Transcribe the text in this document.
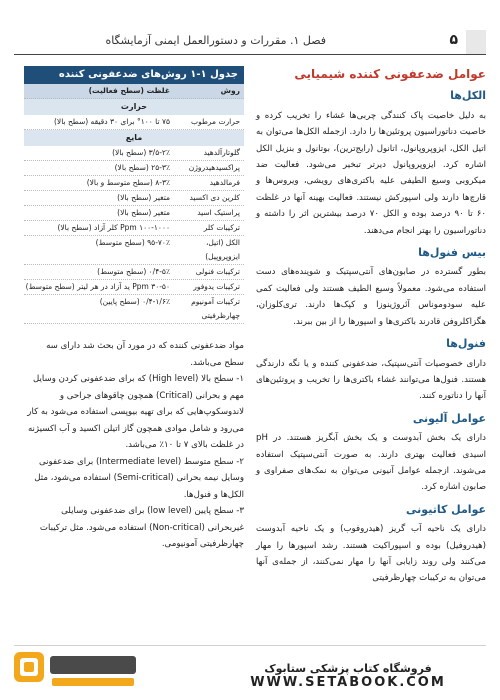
فصل ۱. مقررات و دستورالعمل ایمنی آزمایشگاه	۵
عوامل ضدعفونی کننده شیمیایی
الکل‌ها

به دلیل خاصیت پاک کنندگی چربی‌ها غشاء را تخریب کرده و خاصیت دناتوراسیون پروتئین‌ها را دارد. ازجمله الکل‌ها می‌توان به اتیل الکل، ایزوپروپانول، اتانول (رایج‌ترین)، بوتانول و بنزیل الکل اشاره کرد. ایزوپروپانول دیرتر تبخیر می‌شود. فعالیت ضد میکروبی وسیع الطیفی علیه باکتری‌های رویشی، ویروس‌ها و قارچ‌ها دارند ولی اسپورکش نیستند. فعالیت بهینه آنها در غلظت ۶۰ تا ۹۰ درصد بوده و الکل ۷۰ درصد بیشترین اثر را داشته و دناتوراسیون را بهتر انجام می‌دهند.

بیس فنول‌ها

بطور گسترده در صابون‌های آنتی‌سپتیک و شوینده‌های دست استفاده می‌شود. معمولاً وسیع الطیف هستند ولی فعالیت کمی علیه سودوموناس آئروژینوزا و کپک‌ها دارند. تری‌کلوزان، هگزاکلروفن قادرند باکتری‌ها و اسپورها را از بین ببرند.

فنول‌ها

دارای خصوصیات آنتی‌سپتیک، ضدعفونی کننده و یا نگه دارندگی هستند. فنول‌ها می‌توانند غشاء باکتری‌ها را تخریب و پروتئین‌های آنها را دناتوره کنند.

عوامل آلیونی

دارای یک بخش آبدوست و یک بخش آبگریز هستند. در pH اسیدی فعالیت بهتری دارند. به صورت آنتی‌سپتیک استفاده می‌شوند. ازجمله عوامل آنیونی می‌توان به نمک‌های صفراوی و صابون اشاره کرد.

عوامل کاتیونی

دارای یک ناحیه آب گریز (هیدروفوب) و یک ناحیه آبدوست (هیدروفیل) بوده و اسپوراکیت هستند. رشد اسپورها را مهار می‌کنند ولی روند زایابی آنها را مهار نمی‌کنند، از جمله‌ی آنها می‌توان به ترکیبات چهارظرفیتی

جدول ۱-۱ روش‌های ضدعفونی کننده
روش
غلظت (سطح فعالیت)
حرارت
حرارت مرطوب
۷۵ تا ۱۰۰° برای ۳۰ دقیقه (سطح بالا)
مایع
گلوتارآلدهید
۳/۵-۲٪ (سطح بالا)
پراکسیدهیدروژن
۲۵-۳٪ (سطح بالا)
فرمالدهید
۸-۳٪ (سطح متوسط و بالا)
کلرین دی اکسید
متغیر (سطح بالا)
پراستیک اسید
متغیر (سطح بالا)
ترکیبات کلر
۱۰۰-۱۰۰۰ Ppm کلر آزاد (سطح بالا)
الکل (اتیل، ایزوپروپیل)
۹۵-۷۰٪ (سطح متوسط)
ترکیبات فنولی
۰/۴-۵٪ (سطح متوسط)
ترکیبات یدوفور
۳۰-۵۰ Ppm ید آزاد در هر لیتر (سطح متوسط)
ترکیبات آمونیوم چهارظرفیتی
۰/۴-۱/۶٪ (سطح پایین)

مواد ضدعفونی کننده که در مورد آن بحث شد دارای سه سطح می‌باشد.

۱- سطح بالا (High level) که برای ضدعفونی کردن وسایل مهم و بحرانی (Critical) همچون چاقوهای جراحی و لاندوسکوپ‌هایی که برای تهیه بیوپسی استفاده می‌شود به کار می‌رود و شامل موادی همچون گاز اتیلن اکسید و آب اکسیژنه در غلظت بالای ۷ تا ۱۰٪ می‌باشد.

۲- سطح متوسط (Intermediate level) برای ضدعفونی وسایل نیمه بحرانی (Semi-critical) استفاده می‌شود، مثل الکل‌ها و فنول‌ها.

۳- سطح پایین (low level) برای ضدعفونی وسایلی غیربحرانی (Non-critical) استفاده می‌شود. مثل ترکیبات چهارظرفیتی آمونیومی.

فروشگاه کتاب پزشکی ستابوک
WWW.SETABOOK.COM
